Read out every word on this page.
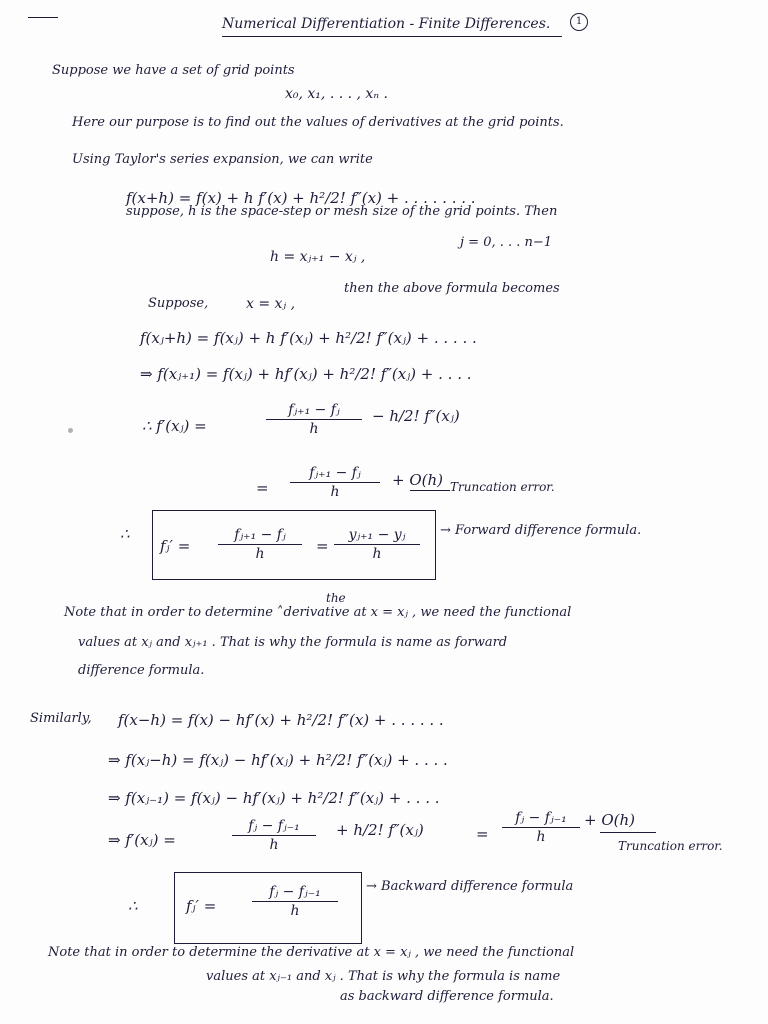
Numerical Differentiation - Finite Differences.	1
Suppose we have a set of grid points
x₀, x₁, . . . , xₙ .
Here our purpose is to find out the values of derivatives at the grid points.
Using Taylor's series expansion, we can write
f(x+h) = f(x) + h f′(x) + h²/2! f″(x) + . . . . . . . .
suppose, h is the space-step or mesh size of the grid points. Then
h = xⱼ₊₁ − xⱼ ,
j = 0, . . . n−1
Suppose,	x = xⱼ ,
then the above formula becomes
f(xⱼ+h) = f(xⱼ) + h f′(xⱼ) + h²/2! f″(xⱼ) + . . . . .
⇒ f(xⱼ₊₁) = f(xⱼ) + hf′(xⱼ) + h²/2! f″(xⱼ) + . . . .
∴ f′(xⱼ) =	$\frac{\text{fⱼ₊₁ − fⱼ}}{h} - h/2$! f″(xⱼ)
= $\frac{\text{fⱼ₊₁ − fⱼ}}{h} + O(h)$ Truncation error.
∴
fⱼ′ = $\frac{\text{fⱼ₊₁ − fⱼ}}{h} = \frac{\text{yⱼ₊₁ − yⱼ}}{h}$ → Forward difference formula.
the
Note that in order to determine ˄derivative at x = xⱼ , we need the functional
values at xⱼ and xⱼ₊₁ . That is why the formula is name as forward
difference formula.
Similarly, f(x−h) = f(x) − hf′(x) + h²/2! f″(x) + . . . . . .
⇒ f(xⱼ−h) = f(xⱼ) − hf′(xⱼ) + h²/2! f″(xⱼ) + . . . .
⇒ f(xⱼ₋₁) = f(xⱼ) − hf′(xⱼ) + h²/2! f″(xⱼ) + . . . .
⇒ f′(xⱼ) =	$\frac{\text{fⱼ − fⱼ₋₁}}{h} + h/2$! f″(xⱼ)	= $\frac{\text{fⱼ − fⱼ₋₁}}{h} + O(h)$
Truncation error.
∴	fⱼ′ =	$\frac{\text{fⱼ − fⱼ₋₁}}{h}$ → Backward difference formula
Note that in order to determine the derivative at x = xⱼ , we need the functional
values at xⱼ₋₁ and xⱼ . That is why the formula is name
as backward difference formula.
